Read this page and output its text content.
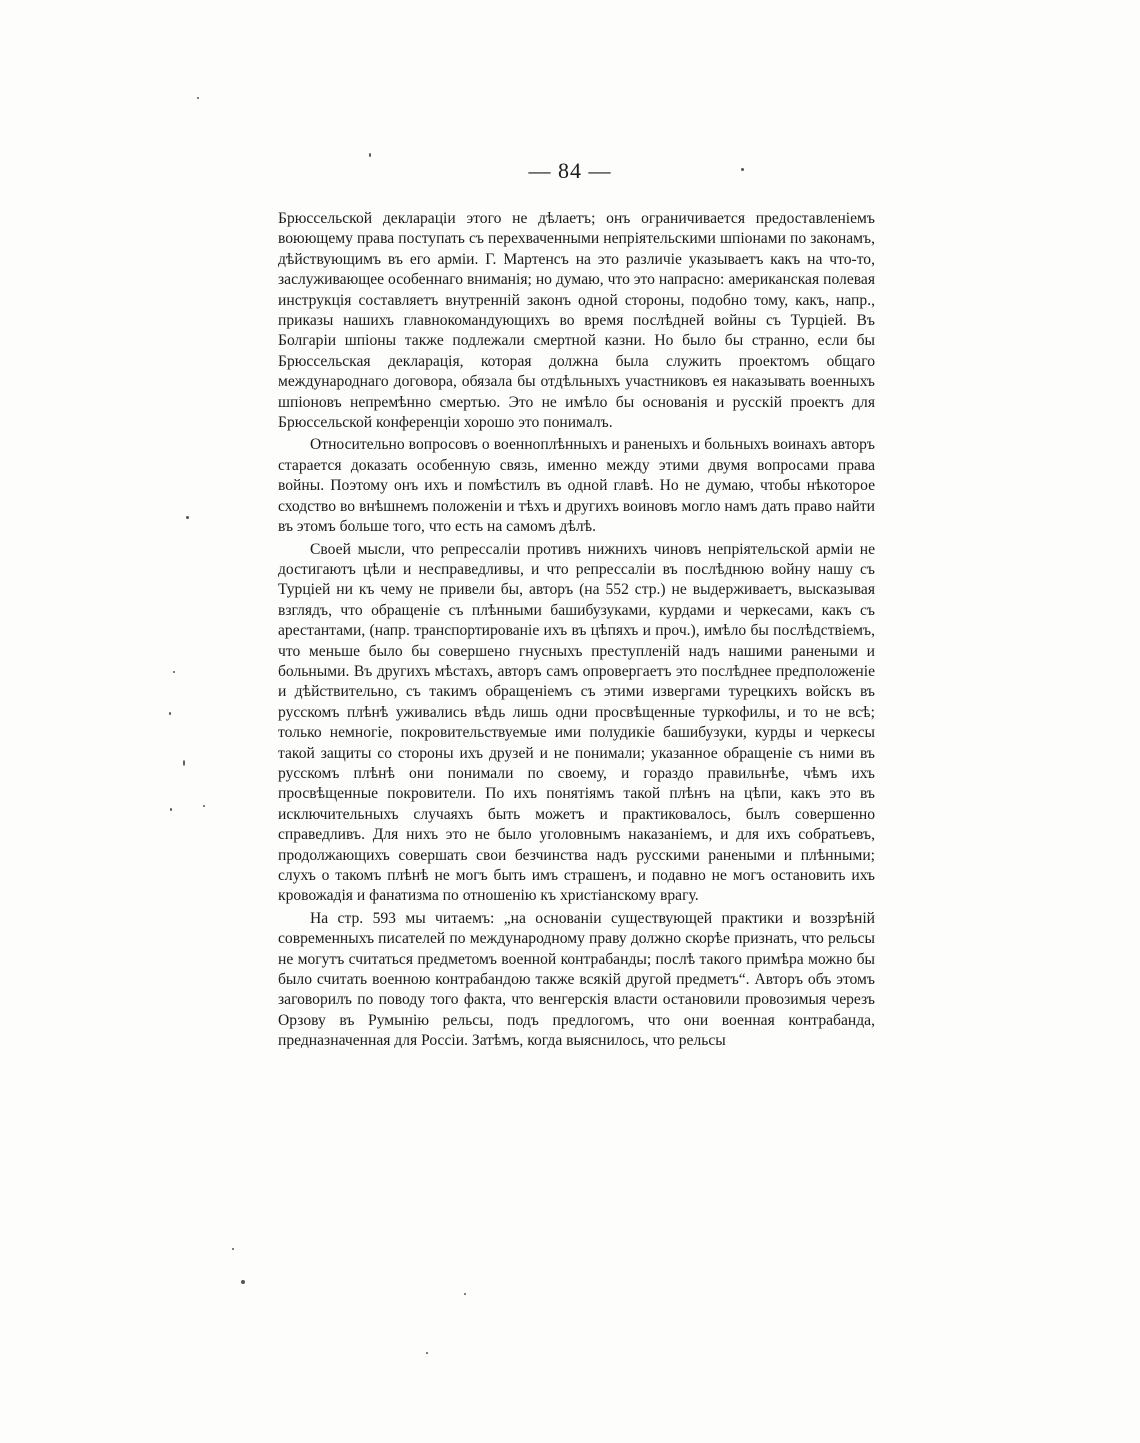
— 84 —

Брюссельской декларацiи этого не дѣлаетъ; онъ ограничивается предоставленiемъ воюющему права поступать съ перехваченными непрiятельскими шпiонами по законамъ, дѣйствующимъ въ его армiи. Г. Мартенсъ на это различiе указываетъ какъ на что-то, заслуживающее особеннаго вниманiя; но думаю, что это напрасно: американская полевая инструкцiя составляетъ внутреннiй законъ одной стороны, подобно тому, какъ, напр., приказы нашихъ главнокомандующихъ во время послѣдней войны съ Турцiей. Въ Болгарiи шпiоны также подлежали смертной казни. Но было бы странно, если бы Брюссельская декларацiя, которая должна была служить проектомъ общаго международнаго договора, обязала бы отдѣльныхъ участниковъ ея наказывать военныхъ шпiоновъ непремѣнно смертью. Это не имѣло бы основанiя и русскiй проектъ для Брюссельской конференцiи хорошо это понималъ.

Относительно вопросовъ о военноплѣнныхъ и раненыхъ и больныхъ воинахъ авторъ старается доказать особенную связь, именно между этими двумя вопросами права войны. Поэтому онъ ихъ и помѣстилъ въ одной главѣ. Но не думаю, чтобы нѣкоторое сходство во внѣшнемъ положенiи и тѣхъ и другихъ воиновъ могло намъ дать право найти въ этомъ больше того, что есть на самомъ дѣлѣ.

Своей мысли, что репрессалiи противъ нижнихъ чиновъ непрiятельской армiи не достигаютъ цѣли и несправедливы, и что репрессалiи въ послѣднюю войну нашу съ Турцiей ни къ чему не привели бы, авторъ (на 552 стр.) не выдерживаетъ, высказывая взглядъ, что обращенiе съ плѣнными башибузуками, курдами и черкесами, какъ съ арестантами, (напр. транспортированiе ихъ въ цѣпяхъ и проч.), имѣло бы послѣдствiемъ, что меньше было бы совершено гнусныхъ преступленiй надъ нашими ранеными и больными. Въ другихъ мѣстахъ, авторъ самъ опровергаетъ это послѣднее предположенiе и дѣйствительно, съ такимъ обращенiемъ съ этими извергами турецкихъ войскъ въ русскомъ плѣнѣ уживались вѣдь лишь одни просвѣщенные туркофилы, и то не всѣ; только немногiе, покровительствуемые ими полудикiе башибузуки, курды и черкесы такой защиты со стороны ихъ друзей и не понимали; указанное обращенiе съ ними въ русскомъ плѣнѣ они понимали по своему, и гораздо правильнѣе, чѣмъ ихъ просвѣщенные покровители. По ихъ понятiямъ такой плѣнъ на цѣпи, какъ это въ исключительныхъ случаяхъ быть можетъ и практиковалось, былъ совершенно справедливъ. Для нихъ это не было уголовнымъ наказанiемъ, и для ихъ собратьевъ, продолжающихъ совершать свои безчинства надъ русскими ранеными и плѣнными; слухъ о такомъ плѣнѣ не могъ быть имъ страшенъ, и подавно не могъ остановить ихъ кровожадiя и фанатизма по отношенiю къ христiанскому врагу.

На стр. 593 мы читаемъ: „на основанiи существующей практики и воззрѣнiй современныхъ писателей по международному праву должно скорѣе признать, что рельсы не могутъ считаться предметомъ военной контрабанды; послѣ такого примѣра можно бы было считать военною контрабандою также всякiй другой предметъ“. Авторъ объ этомъ заговорилъ по поводу того факта, что венгерскiя власти остановили провозимыя черезъ Орзову въ Румынiю рельсы, подъ предлогомъ, что они военная контрабанда, предназначенная для Россiи. Затѣмъ, когда выяснилось, что рельсы
